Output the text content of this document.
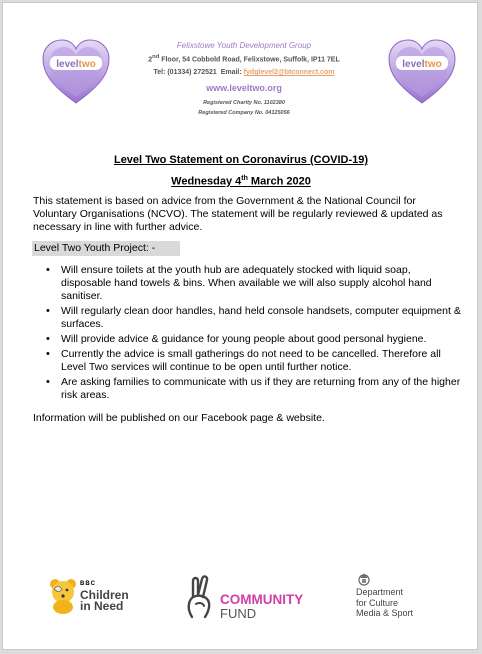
leveltwo	leveltwo
Felixstowe Youth Development Group
2nd Floor, 54 Cobbold Road, Felixstowe, Suffolk, IP11 7EL
Tel: (01334) 272521 Email: fydglevel2@btconnect.com
www.leveltwo.org
Registered Charity No. 1102380
Registered Company No. 04125056
Level Two Statement on Coronavirus (COVID-19)
Wednesday 4th March 2020
This statement is based on advice from the Government & the National Council for Voluntary Organisations (NCVO). The statement will be regularly reviewed & updated as necessary in line with further advice.
Level Two Youth Project: -
• Will ensure toilets at the youth hub are adequately stocked with liquid soap, disposable hand towels & bins. When available we will also supply alcohol hand sanitiser.
• Will regularly clean door handles, hand held console handsets, computer equipment & surfaces.
• Will provide advice & guidance for young people about good personal hygiene.
• Currently the advice is small gatherings do not need to be cancelled. Therefore all Level Two services will continue to be open until further notice.
• Are asking families to communicate with us if they are returning from any of the higher risk areas.
Information will be published on our Facebook page & website.
BBC
Children
in Need	COMMUNITY
FUND
Department
for Culture
Media & Sport
